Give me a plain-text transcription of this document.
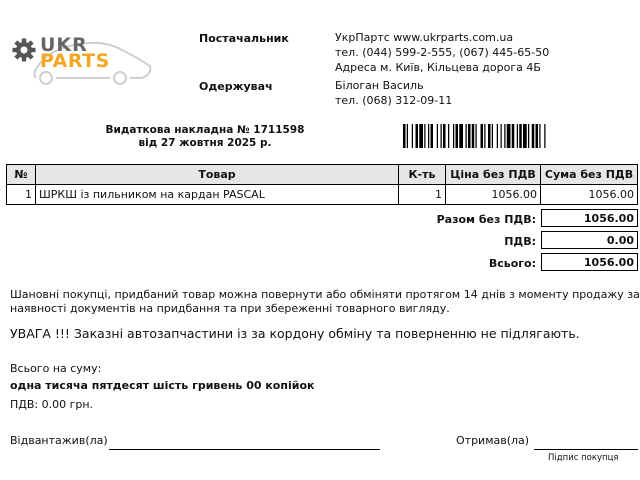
UKR
PARTS
Постачальник	УкрПартс www.ukrparts.com.ua
тел. (044) 599-2-555, (067) 445-65-50
Адреса м. Київ, Кільцева дорога 4Б
Одержувач	Білоган Василь
тел. (068) 312-09-11
Видаткова накладна № 1711598
від 27 жовтня 2025 р.
№	Товар	К-ть	Ціна без ПДВ	Сума без ПДВ
1	ШРКШ із пильником на кардан PASCAL	1	1056.00	1056.00
Разом без ПДВ:	1056.00
ПДВ:	0.00
Всього:	1056.00
Шановні покупці, придбаний товар можна повернути або обміняти протягом 14 днів з моменту продажу за
наявності документів на придбання та при збереженні товарного вигляду.
УВАГА !!! Заказні автозапчастини із за кордону обміну та поверненню не підлягають.
Всього на суму:
одна тисяча пятдесят шість гривень 00 копійок
ПДВ: 0.00 грн.
Відвантажив(ла)	Отримав(ла)
Підпис покупця
